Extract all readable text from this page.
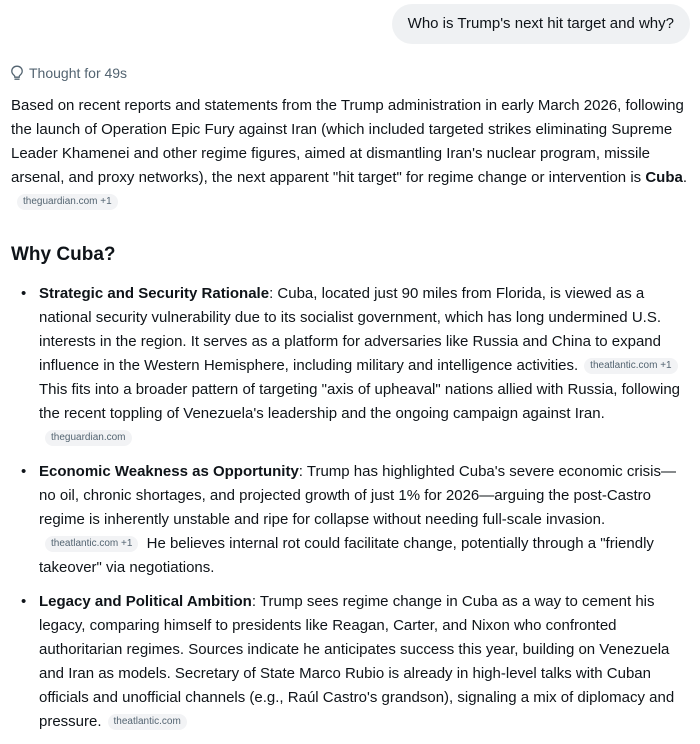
Who is Trump's next hit target and why?
Thought for 49s

Based on recent reports and statements from the Trump administration in early March 2026, following the launch of Operation Epic Fury against Iran (which included targeted strikes eliminating Supreme Leader Khamenei and other regime figures, aimed at dismantling Iran's nuclear program, missile arsenal, and proxy networks), the next apparent "hit target" for regime change or intervention is Cuba.theguardian.com +1

Why Cuba?
• Strategic and Security Rationale: Cuba, located just 90 miles from Florida, is viewed as a national security vulnerability due to its socialist government, which has long undermined U.S. interests in the region. It serves as a platform for adversaries like Russia and China to expand influence in the Western Hemisphere, including military and intelligence activities. theatlantic.com +1 This fits into a broader pattern of targeting "axis of upheaval" nations allied with Russia, following the recent toppling of Venezuela's leadership and the ongoing campaign against Iran.theguardian.com
• Economic Weakness as Opportunity: Trump has highlighted Cuba's severe economic crisis—no oil, chronic shortages, and projected growth of just 1% for 2026—arguing the post-Castro regime is inherently unstable and ripe for collapse without needing full-scale invasion.theatlantic.com +1 He believes internal rot could facilitate change, potentially through a "friendly takeover" via negotiations.
• Legacy and Political Ambition: Trump sees regime change in Cuba as a way to cement his legacy, comparing himself to presidents like Reagan, Carter, and Nixon who confronted authoritarian regimes. Sources indicate he anticipates success this year, building on Venezuela and Iran as models. Secretary of State Marco Rubio is already in high-level talks with Cuban officials and unofficial channels (e.g., Raúl Castro's grandson), signaling a mix of diplomacy and pressure. theatlantic.com
